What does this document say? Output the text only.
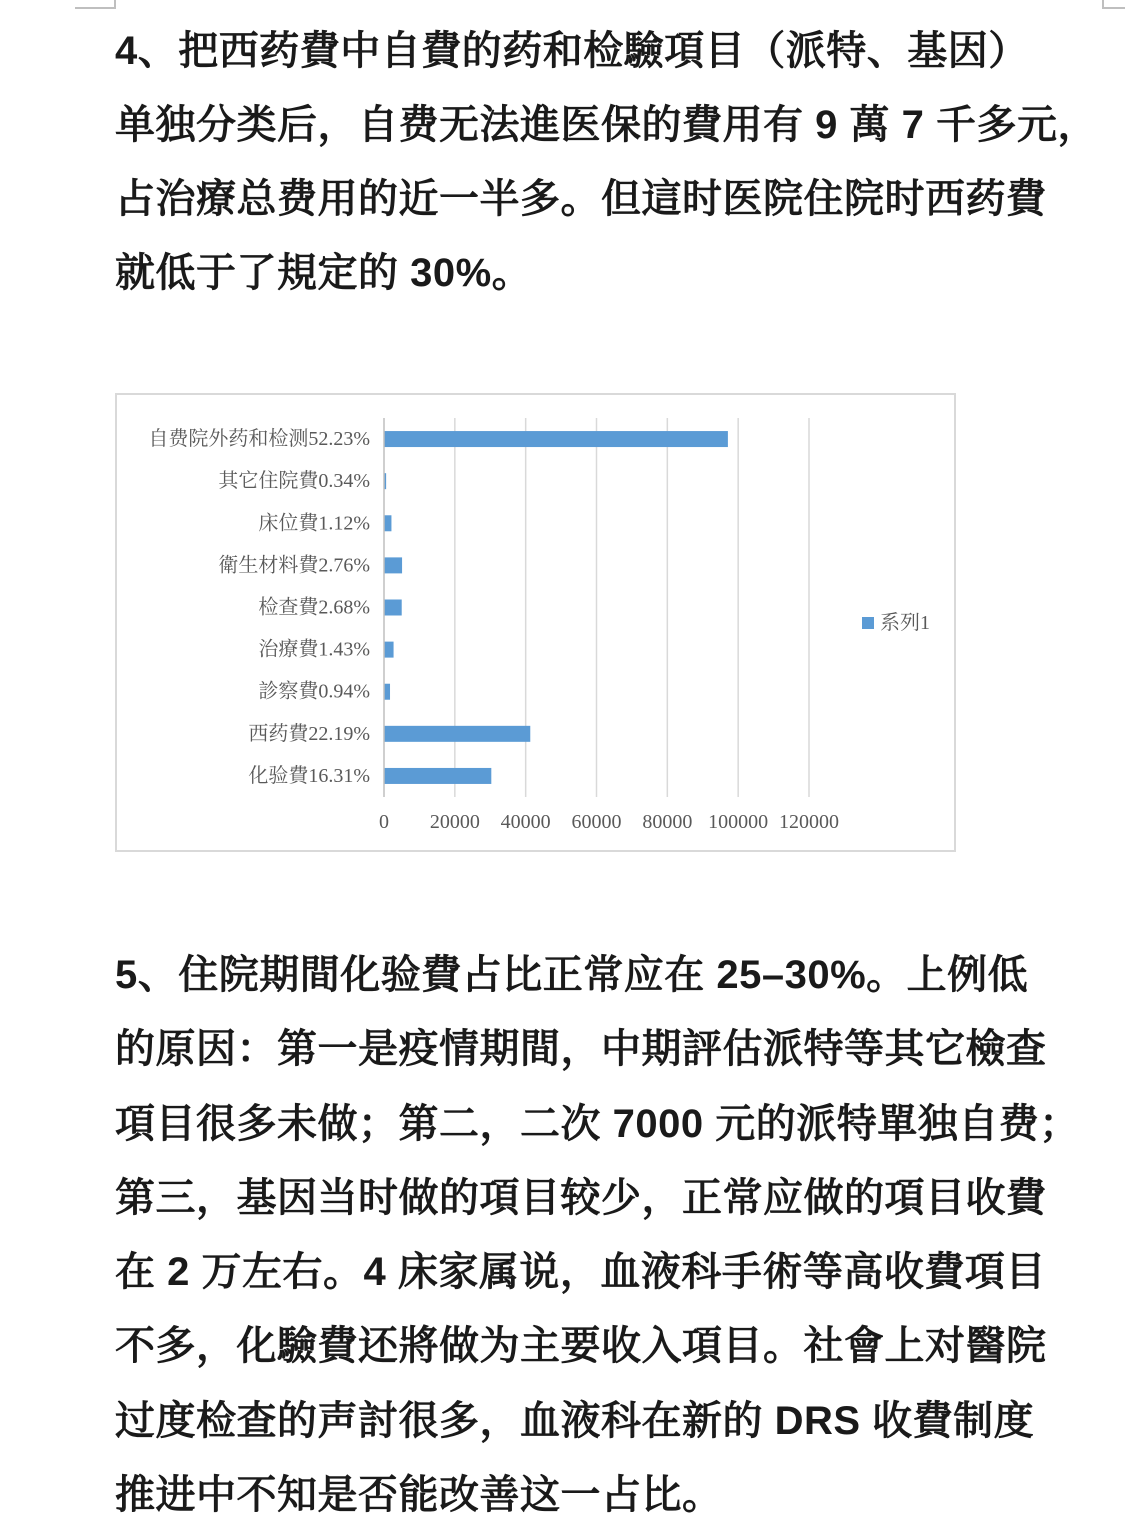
4、把西药費中自費的药和检驗項目（派特、基因）
单独分类后，自费无法進医保的費用有 9 萬 7 千多元，
占治療总费用的近一半多。但這时医院住院时西药費
就低于了規定的 30%。
自费院外药和检测52.23%
其它住院費0.34%
床位費1.12%
衛生材料費2.76%
检查費2.68%
治療費1.43%
診察費0.94%
西药費22.19%
化验費16.31%
0 20000 40000 60000 80000 100000 120000
系列1
5、住院期間化验費占比正常应在 25–30%。上例低
的原因：第一是疫情期間，中期評估派特等其它檢查
項目很多未做；第二，二次 7000 元的派特單独自费；
第三，基因当时做的項目较少，正常应做的項目收費
在 2 万左右。4 床家属说，血液科手術等高收費項目
不多，化驗費还將做为主要收入項目。社會上对醫院
过度检查的声討很多，血液科在新的 DRS 收費制度
推进中不知是否能改善这一占比。
